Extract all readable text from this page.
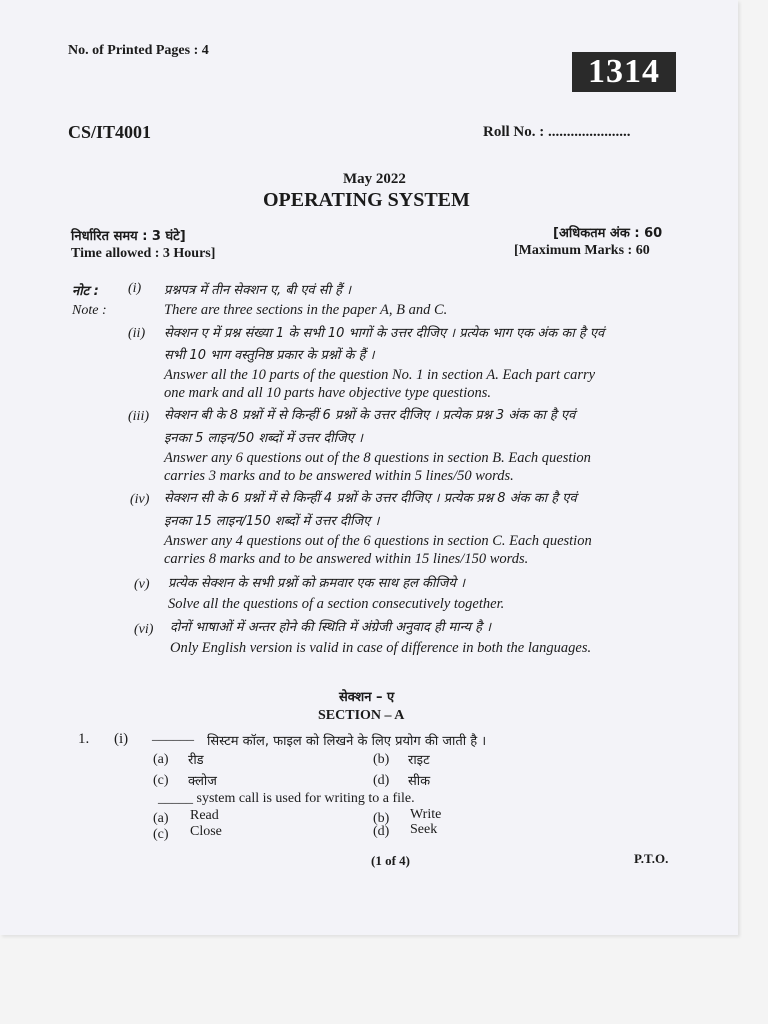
No. of Printed Pages : 4
1314
CS/IT4001	Roll No. : ......................
May 2022
OPERATING SYSTEM
निर्धारित समय : 3 घंटे]	[अधिकतम अंक : 60
Time allowed : 3 Hours]	[Maximum Marks : 60
नोट :
Note :
(i) प्रश्नपत्र में तीन सेक्शन ए, बी एवं सी हैं ।
There are three sections in the paper A, B and C.
(ii) सेक्शन ए में प्रश्न संख्या 1 के सभी 10 भागों के उत्तर दीजिए । प्रत्येक भाग एक अंक का है एवं
सभी 10 भाग वस्तुनिष्ठ प्रकार के प्रश्नों के हैं ।
Answer all the 10 parts of the question No. 1 in section A. Each part carry
one mark and all 10 parts have objective type questions.
(iii) सेक्शन बी के 8 प्रश्नों में से किन्हीं 6 प्रश्नों के उत्तर दीजिए । प्रत्येक प्रश्न 3 अंक का है एवं
इनका 5 लाइन/50 शब्दों में उत्तर दीजिए ।
Answer any 6 questions out of the 8 questions in section B. Each question
carries 3 marks and to be answered within 5 lines/50 words.
(iv) सेक्शन सी के 6 प्रश्नों में से किन्हीं 4 प्रश्नों के उत्तर दीजिए । प्रत्येक प्रश्न 8 अंक का है एवं
इनका 15 लाइन/150 शब्दों में उत्तर दीजिए ।
Answer any 4 questions out of the 6 questions in section C. Each question
carries 8 marks and to be answered within 15 lines/150 words.
(v) प्रत्येक सेक्शन के सभी प्रश्नों को क्रमवार एक साथ हल कीजिये ।
Solve all the questions of a section consecutively together.
(vi) दोनों भाषाओं में अन्तर होने की स्थिति में अंग्रेजी अनुवाद ही मान्य है ।
Only English version is valid in case of difference in both the languages.
सेक्शन – ए
SECTION – A
1. (i) ______ सिस्टम कॉल, फाइल को लिखने के लिए प्रयोग की जाती है ।
(a) रीड	(b) राइट
(c) क्लोज	(d) सीक
_____ system call is used for writing to a file.
(a) Read	(b) Write
(c) Close	(d) Seek
(1 of 4)	P.T.O.
